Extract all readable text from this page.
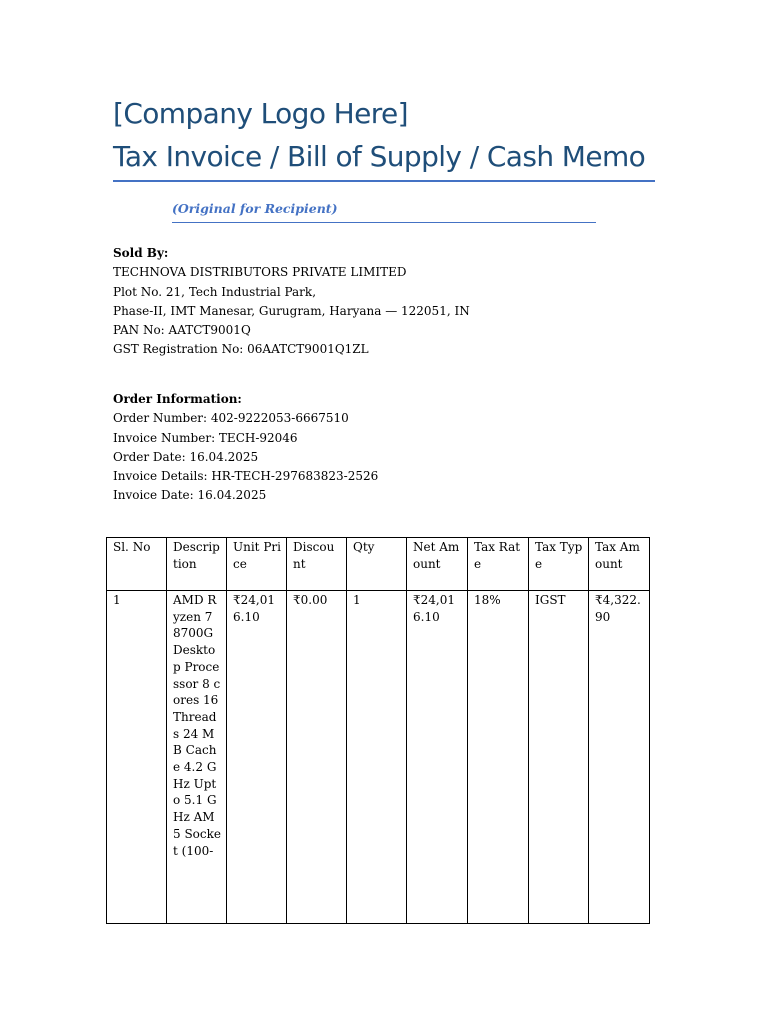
[Company Logo Here]
Tax Invoice / Bill of Supply / Cash Memo
(Original for Recipient)
Sold By:
TECHNOVA DISTRIBUTORS PRIVATE LIMITED
Plot No. 21, Tech Industrial Park,
Phase-II, IMT Manesar, Gurugram, Haryana — 122051, IN
PAN No: AATCT9001Q
GST Registration No: 06AATCT9001Q1ZL
Order Information:
Order Number: 402-9222053-6667510
Invoice Number: TECH-92046
Order Date: 16.04.2025
Invoice Details: HR-TECH-297683823-2526
Invoice Date: 16.04.2025
Sl. No	Description	Unit Price	Discount	Qty	Net Amount	Tax Rate	Tax Type	Tax Amount
1	AMD Ryzen 7 8700G Desktop Processor 8 cores 16 Threads 24 MB Cache 4.2 GHz Upto 5.1 GHz AM5 Socket (100-	₹24,016.10	₹0.00	1	₹24,016.10	18%	IGST	₹4,322.90
